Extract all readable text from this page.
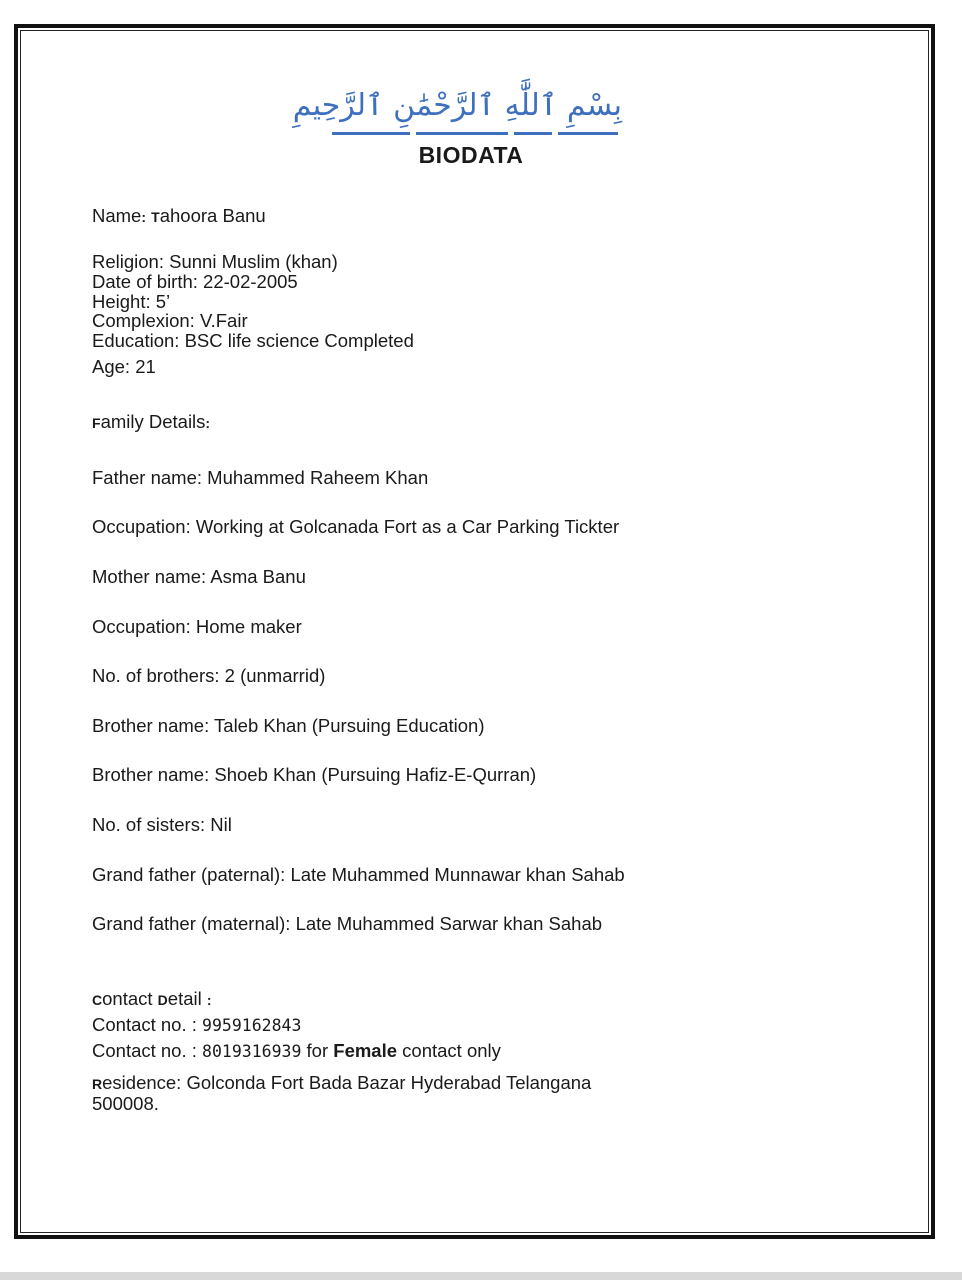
بِسْمِ ٱللَّٰهِ ٱلرَّحْمَٰنِ ٱلرَّحِيمِ
BIODATA
Name: Tahoora Banu
Religion: Sunni Muslim (khan)
Date of birth: 22-02-2005
Height: 5’
Complexion: V.Fair
Education: BSC life science Completed
Age: 21
Family Details:
Father name: Muhammed Raheem Khan
Occupation: Working at Golcanada Fort as a Car Parking Tickter
Mother name: Asma Banu
Occupation: Home maker
No. of brothers: 2 (unmarrid)
Brother name: Taleb Khan (Pursuing Education)
Brother name: Shoeb Khan (Pursuing Hafiz-E-Qurran)
No. of sisters: Nil
Grand father (paternal): Late Muhammed Munnawar khan Sahab
Grand father (maternal): Late Muhammed Sarwar khan Sahab
Contact Detail :
Contact no. : 9959162843
Contact no. : 8019316939 for Female contact only
Residence: Golconda Fort Bada Bazar Hyderabad Telangana
500008.
